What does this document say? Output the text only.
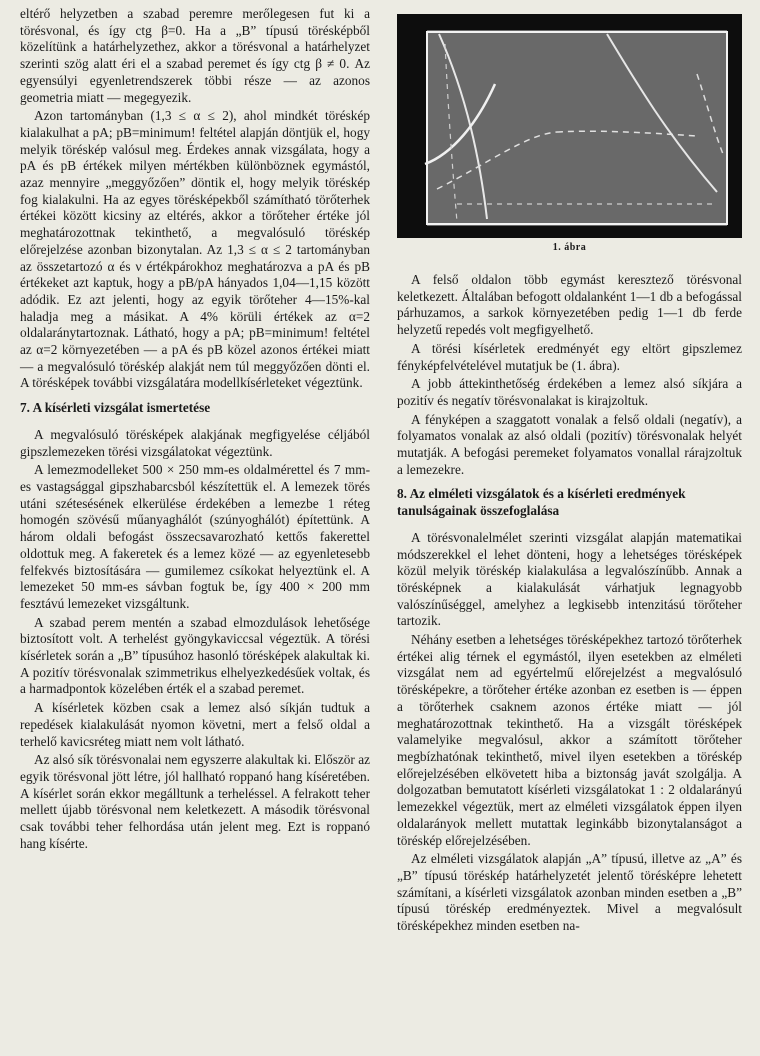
eltérő helyzetben a szabad peremre merőlegesen fut ki a törésvonal, és így ctg β=0. Ha a „B” típusú törésképből közelítünk a határhelyzethez, akkor a törésvonal a határhelyzet szerinti szög alatt éri el a szabad peremet és így ctg β ≠ 0. Az egyensúlyi egyenletrendszerek többi része — az azonos geometria miatt — megegyezik.

Azon tartományban (1,3 ≤ α ≤ 2), ahol mindkét töréskép kialakulhat a pA; pB=minimum! feltétel alapján döntjük el, hogy melyik töréskép valósul meg. Érdekes annak vizsgálata, hogy a pA és pB értékek milyen mértékben különböznek egymástól, azaz mennyire „meggyőzően” döntik el, hogy melyik töréskép fog kialakulni. Ha az egyes törésképekből számítható törőterhek értékei között kicsiny az eltérés, akkor a törőteher értéke jól meghatározottnak tekinthető, a megvalósuló töréskép előrejelzése azonban bizonytalan. Az 1,3 ≤ α ≤ 2 tartományban az összetartozó α és ν értékpárokhoz meghatározva a pA és pB értékeket azt kaptuk, hogy a pB/pA hányados 1,04—1,15 között adódik. Ez azt jelenti, hogy az egyik törőteher 4—15%-kal haladja meg a másikat. A 4% körüli értékek az α=2 oldalaránytartoznak. Látható, hogy a pA; pB=minimum! feltétel az α=2 környezetében — a pA és pB közel azonos értékei miatt — a megvalósuló töréskép alakját nem túl meggyőzően dönti el. A törésképek további vizsgálatára modellkísérleteket végeztünk.

7. A kísérleti vizsgálat ismertetése

A megvalósuló törésképek alakjának megfigyelése céljából gipszlemezeken törési vizsgálatokat végeztünk.

A lemezmodelleket 500 × 250 mm-es oldalmérettel és 7 mm-es vastagsággal gipszhabarcsból készítettük el. A lemezek törés utáni szétesésének elkerülése érdekében a lemezbe 1 réteg homogén szövésű műanyaghálót (szúnyoghálót) építettünk. A három oldali befogást összecsavarozható kettős fakerettel oldottuk meg. A fakeretek és a lemez közé — az egyenletesebb felfekvés biztosítására — gumilemez csíkokat helyeztünk el. A lemezeket 50 mm-es sávban fogtuk be, így 400 × 200 mm fesztávú lemezeket vizsgáltunk.

A szabad perem mentén a szabad elmozdulások lehetősége biztosított volt. A terhelést gyöngykaviccsal végeztük. A törési kísérletek során a „B” típusúhoz hasonló törésképek alakultak ki. A pozitív törésvonalak szimmetrikus elhelyezkedésűek voltak, és a harmadpontok közelében érték el a szabad peremet.

A kísérletek közben csak a lemez alsó síkján tudtuk a repedések kialakulását nyomon követni, mert a felső oldal a terhelő kavicsréteg miatt nem volt látható.

Az alsó sík törésvonalai nem egyszerre alakultak ki. Először az egyik törésvonal jött létre, jól hallható roppanó hang kíséretében. A kísérlet során ekkor megálltunk a terheléssel. A felrakott teher mellett újabb törésvonal nem keletkezett. A második törésvonal csak további teher felhordása után jelent meg. Ezt is roppanó hang kísérte.

1. ábra

A felső oldalon több egymást keresztező törésvonal keletkezett. Általában befogott oldalanként 1—1 db a befogással párhuzamos, a sarkok környezetében pedig 1—1 db ferde helyzetű repedés volt megfigyelhető.

A törési kísérletek eredményét egy eltört gipszlemez fényképfelvételével mutatjuk be (1. ábra).

A jobb áttekinthetőség érdekében a lemez alsó síkjára a pozitív és negatív törésvonalakat is kirajzoltuk.

A fényképen a szaggatott vonalak a felső oldali (negatív), a folyamatos vonalak az alsó oldali (pozitív) törésvonalak helyét mutatják. A befogási peremeket folyamatos vonallal rárajzoltuk a lemezekre.

8. Az elméleti vizsgálatok és a kísérleti eredmények tanulságainak összefoglalása

A törésvonalelmélet szerinti vizsgálat alapján matematikai módszerekkel el lehet dönteni, hogy a lehetséges törésképek közül melyik töréskép kialakulása a legvalószínűbb. Annak a törésképnek a kialakulását várhatjuk legnagyobb valószínűséggel, amelyhez a legkisebb intenzitású törőteher tartozik.

Néhány esetben a lehetséges törésképekhez tartozó törőterhek értékei alig térnek el egymástól, ilyen esetekben az elméleti vizsgálat nem ad egyértelmű előrejelzést a megvalósuló törésképekre, a törőteher értéke azonban ez esetben is — éppen a törőterhek csaknem azonos értéke miatt — jól meghatározottnak tekinthető. Ha a vizsgált törésképek valamelyike megvalósul, akkor a számított törőteher megbízhatónak tekinthető, mivel ilyen esetekben a töréskép előrejelzésében elkövetett hiba a biztonság javát szolgálja. A dolgozatban bemutatott kísérleti vizsgálatokat 1 : 2 oldalarányú lemezekkel végeztük, mert az elméleti vizsgálatok éppen ilyen oldalarányok mellett mutattak leginkább bizonytalanságot a töréskép előrejelzésében.

Az elméleti vizsgálatok alapján „A” típusú, illetve az „A” és „B” típusú töréskép határhelyzetét jelentő törésképre lehetett számítani, a kísérleti vizsgálatok azonban minden esetben a „B” típusú töréskép eredményeztek. Mivel a megvalósult törésképekhez minden esetben na-
